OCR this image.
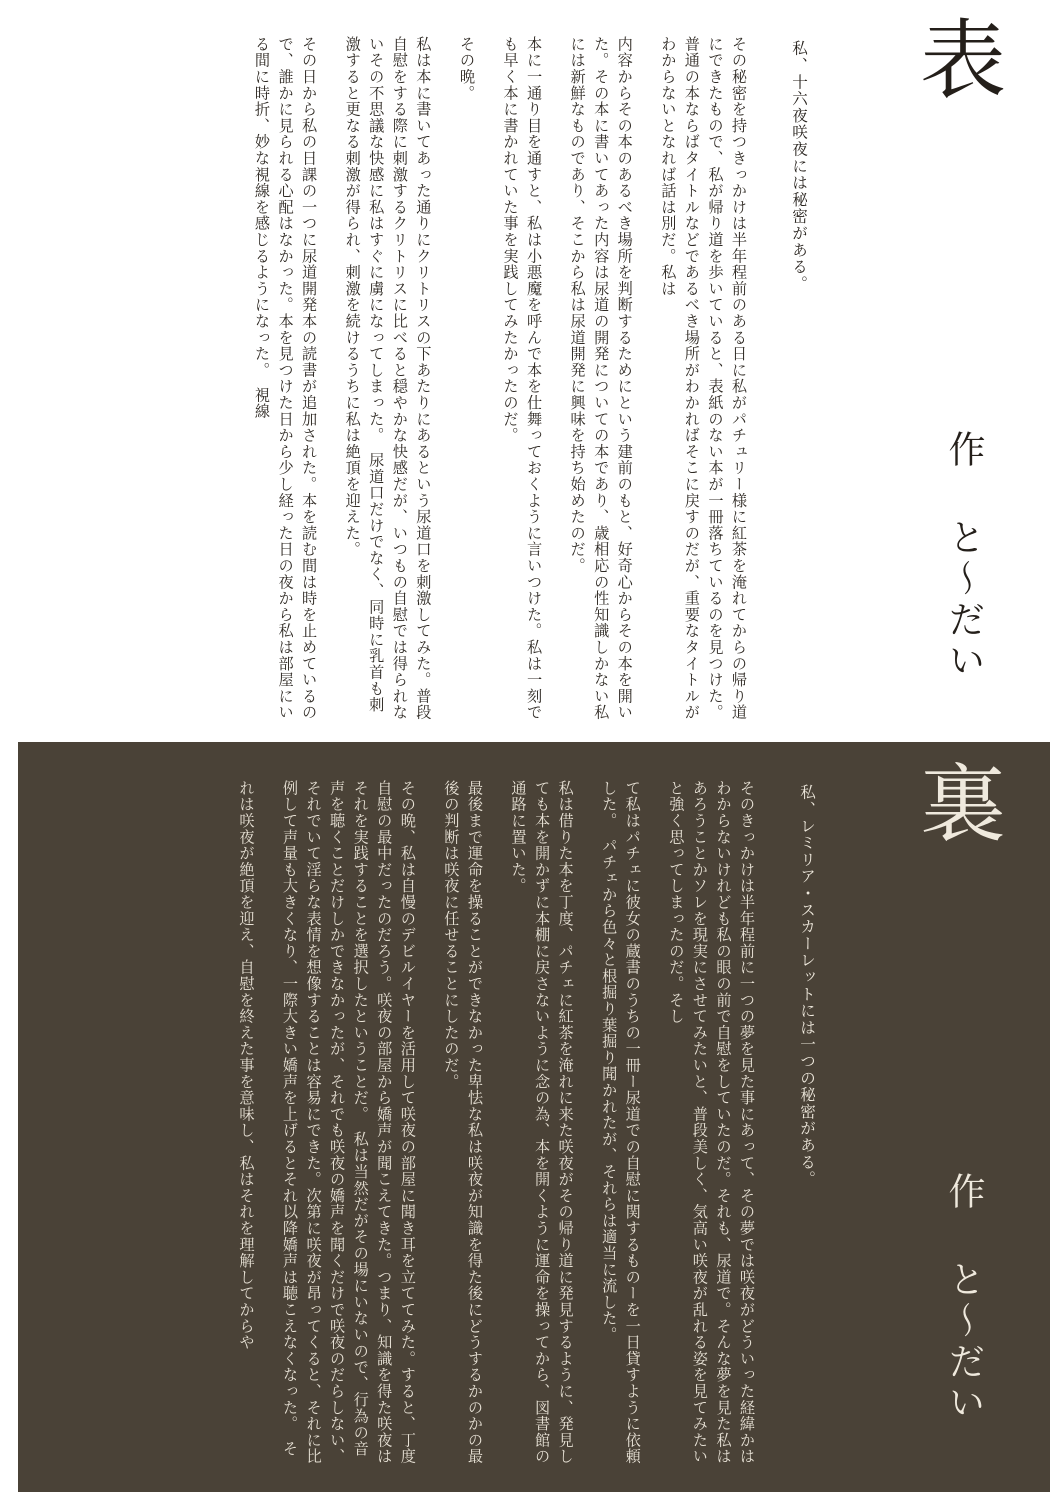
表
作 と〜だい
私、十六夜咲夜には秘密がある。
その秘密を持つきっかけは半年程前のある日に私がパチュリー様に紅茶を淹れてからの帰り道にできたもので、私が帰り道を歩いていると、表紙のない本が一冊落ちているのを見つけた。普通の本ならばタイトルなどであるべき場所がわかればそこに戻すのだが、重要なタイトルがわからないとなれば話は別だ。私は
内容からその本のあるべき場所を判断するためにという建前のもと、好奇心からその本を開いた。その本に書いてあった内容は尿道の開発についての本であり、歳相応の性知識しかない私には新鮮なものであり、そこから私は尿道開発に興味を持ち始めたのだ。
本に一通り目を通すと、私は小悪魔を呼んで本を仕舞っておくように言いつけた。私は一刻でも早く本に書かれていた事を実践してみたかったのだ。
その晩。
私は本に書いてあった通りにクリトリスの下あたりにあるという尿道口を刺激してみた。普段自慰をする際に刺激するクリトリスに比べると穏やかな快感だが、いつもの自慰では得られないその不思議な快感に私はすぐに虜になってしまった。　尿道口だけでなく、同時に乳首も刺激すると更なる刺激が得られ、刺激を続けるうちに私は絶頂を迎えた。
その日から私の日課の一つに尿道開発本の読書が追加された。本を読む間は時を止めているので、誰かに見られる心配はなかった。本を見つけた日から少し経った日の夜から私は部屋にいる間に時折、妙な視線を感じるようになった。　視線
裏
作 と〜だい
私、レミリア・スカーレットには一つの秘密がある。
そのきっかけは半年程前に一つの夢を見た事にあって、その夢では咲夜がどういった経緯かはわからないけれども私の眼の前で自慰をしていたのだ。それも、尿道で。そんな夢を見た私はあろうことかソレを現実にさせてみたいと、普段美しく、気高い咲夜が乱れる姿を見てみたいと強く思ってしまったのだ。そし
て私はパチェに彼女の蔵書のうちの一冊ー尿道での自慰に関するものーを一日貸すように依頼した。　パチェから色々と根掘り葉掘り聞かれたが、それらは適当に流した。
私は借りた本を丁度、パチェに紅茶を淹れに来た咲夜がその帰り道に発見するように、発見しても本を開かずに本棚に戻さないように念の為、本を開くように運命を操ってから、図書館の通路に置いた。
最後まで運命を操ることができなかった卑怯な私は咲夜が知識を得た後にどうするかのかの最後の判断は咲夜に任せることにしたのだ。
その晩、私は自慢のデビルイヤーを活用して咲夜の部屋に聞き耳を立ててみた。すると、丁度自慰の最中だったのだろう。咲夜の部屋から嬌声が聞こえてきた。つまり、知識を得た咲夜はそれを実践することを選択したということだ。　私は当然だがその場にいないので、行為の音声を聴くことだけしかできなかったが、それでも咲夜の嬌声を聞くだけで咲夜のだらしない、それでいて淫らな表情を想像することは容易にできた。次第に咲夜が昂ってくると、それに比例して声量も大きくなり、一際大きい嬌声を上げるとそれ以降嬌声は聴こえなくなった。　そ
れは咲夜が絶頂を迎え、自慰を終えた事を意味し、私はそれを理解してからや
